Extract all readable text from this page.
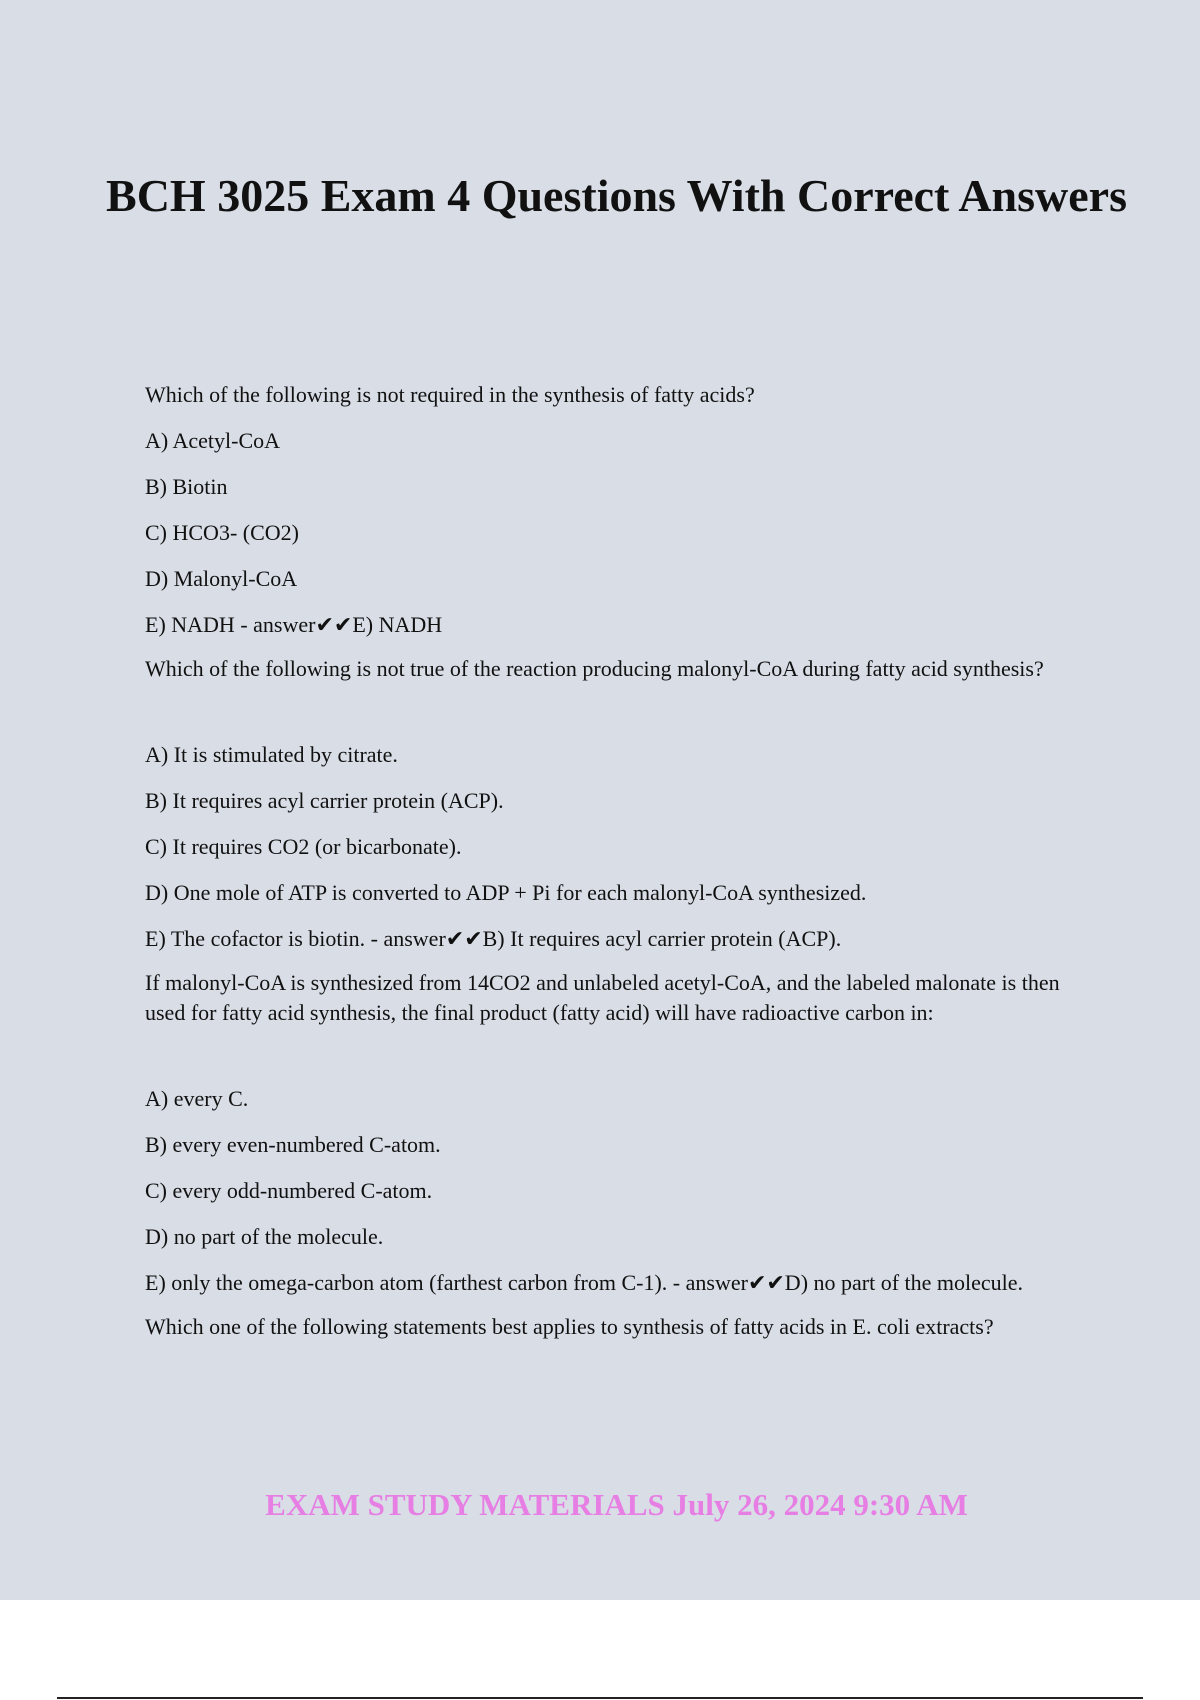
BCH 3025 Exam 4 Questions With Correct Answers

Which of the following is not required in the synthesis of fatty acids?

A) Acetyl-CoA

B) Biotin

C) HCO3- (CO2)

D) Malonyl-CoA

E) NADH - answer✔✔E) NADH

Which of the following is not true of the reaction producing malonyl-CoA during fatty acid synthesis?

A) It is stimulated by citrate.

B) It requires acyl carrier protein (ACP).

C) It requires CO2 (or bicarbonate).

D) One mole of ATP is converted to ADP + Pi for each malonyl-CoA synthesized.

E) The cofactor is biotin. - answer✔✔B) It requires acyl carrier protein (ACP).

If malonyl-CoA is synthesized from 14CO2 and unlabeled acetyl-CoA, and the labeled malonate is then used for fatty acid synthesis, the final product (fatty acid) will have radioactive carbon in:

A) every C.

B) every even-numbered C-atom.

C) every odd-numbered C-atom.

D) no part of the molecule.

E) only the omega-carbon atom (farthest carbon from C-1). - answer✔✔D) no part of the molecule.

Which one of the following statements best applies to synthesis of fatty acids in E. coli extracts?

EXAM STUDY MATERIALS July 26, 2024 9:30 AM
